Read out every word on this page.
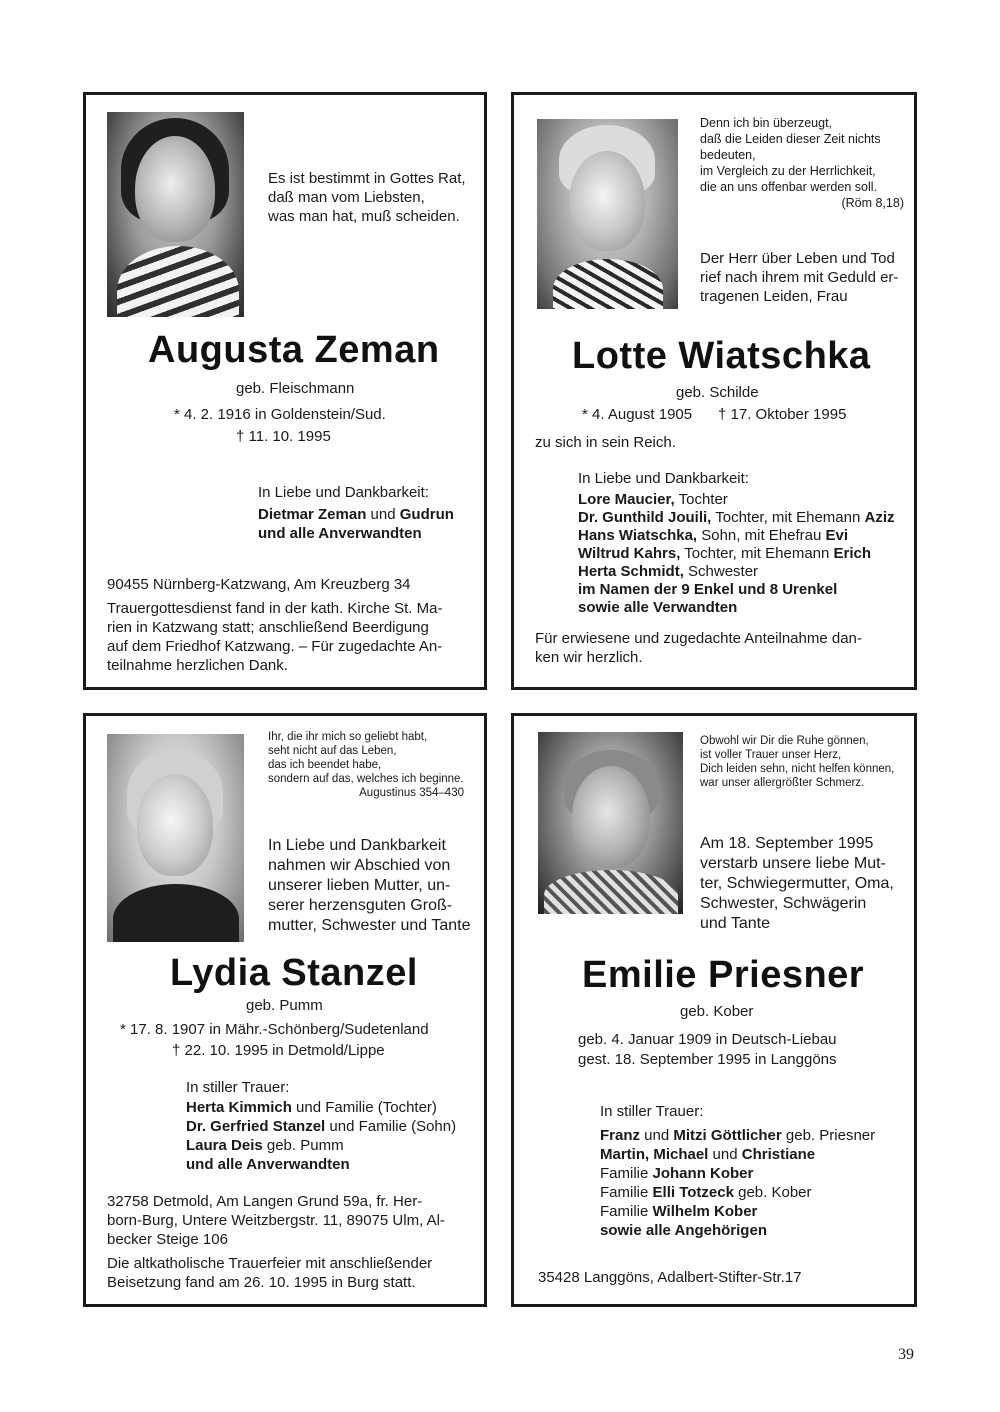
Es ist bestimmt in Gottes Rat,
daß man vom Liebsten,
was man hat, muß scheiden.
Augusta Zeman
geb. Fleischmann
* 4. 2. 1916 in Goldenstein/Sud.
† 11. 10. 1995
In Liebe und Dankbarkeit:
Dietmar Zeman und Gudrun
und alle Anverwandten
90455 Nürnberg-Katzwang, Am Kreuzberg 34
Trauergottesdienst fand in der kath. Kirche St. Ma-
rien in Katzwang statt; anschließend Beerdigung
auf dem Friedhof Katzwang. – Für zugedachte An-
teilnahme herzlichen Dank.
Denn ich bin überzeugt,
daß die Leiden dieser Zeit nichts
bedeuten,
im Vergleich zu der Herrlichkeit,
die an uns offenbar werden soll.
(Röm 8,18)
Der Herr über Leben und Tod
rief nach ihrem mit Geduld er-
tragenen Leiden, Frau
Lotte Wiatschka
geb. Schilde
* 4. August 1905 † 17. Oktober 1995
zu sich in sein Reich.
In Liebe und Dankbarkeit:
Lore Maucier, Tochter
Dr. Gunthild Jouili, Tochter, mit Ehemann Aziz
Hans Wiatschka, Sohn, mit Ehefrau Evi
Wiltrud Kahrs, Tochter, mit Ehemann Erich
Herta Schmidt, Schwester
im Namen der 9 Enkel und 8 Urenkel
sowie alle Verwandten
Für erwiesene und zugedachte Anteilnahme dan-
ken wir herzlich.
Ihr, die ihr mich so geliebt habt,
seht nicht auf das Leben,
das ich beendet habe,
sondern auf das, welches ich beginne.
Augustinus 354–430
In Liebe und Dankbarkeit
nahmen wir Abschied von
unserer lieben Mutter, un-
serer herzensguten Groß-
mutter, Schwester und Tante
Lydia Stanzel
geb. Pumm
* 17. 8. 1907 in Mähr.-Schönberg/Sudetenland
† 22. 10. 1995 in Detmold/Lippe
In stiller Trauer:
Herta Kimmich und Familie (Tochter)
Dr. Gerfried Stanzel und Familie (Sohn)
Laura Deis geb. Pumm
und alle Anverwandten
32758 Detmold, Am Langen Grund 59a, fr. Her-
born-Burg, Untere Weitzbergstr. 11, 89075 Ulm, Al-
becker Steige 106
Die altkatholische Trauerfeier mit anschließender
Beisetzung fand am 26. 10. 1995 in Burg statt.
Obwohl wir Dir die Ruhe gönnen,
ist voller Trauer unser Herz,
Dich leiden sehn, nicht helfen können,
war unser allergrößter Schmerz.
Am 18. September 1995
verstarb unsere liebe Mut-
ter, Schwiegermutter, Oma,
Schwester, Schwägerin
und Tante
Emilie Priesner
geb. Kober
geb. 4. Januar 1909 in Deutsch-Liebau
gest. 18. September 1995 in Langgöns
In stiller Trauer:
Franz und Mitzi Göttlicher geb. Priesner
Martin, Michael und Christiane
Familie Johann Kober
Familie Elli Totzeck geb. Kober
Familie Wilhelm Kober
sowie alle Angehörigen
35428 Langgöns, Adalbert-Stifter-Str.17
39
